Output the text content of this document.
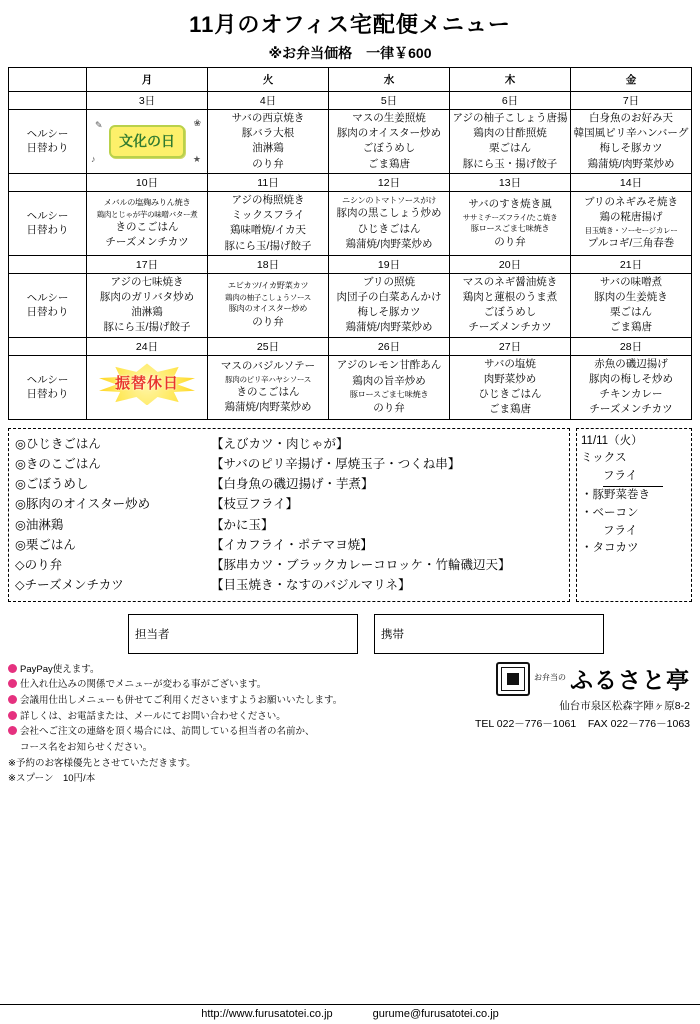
11月のオフィス宅配便メニュー
※お弁当価格　一律￥600
	月	火	水	木	金
	3日	4日	5日	6日	7日

ヘルシー
日替わり

✎	❀
♪	★
文化の日

サバの西京焼き
豚バラ大根
油淋鶏
のり弁

マスの生姜照焼
豚肉のオイスター炒め
ごぼうめし
ごま鶏唐

アジの柚子こしょう唐揚
鶏肉の甘酢照焼
栗ごはん
豚にら玉・揚げ餃子

白身魚のお好み天
韓国風ピリ辛ハンバーグ
梅しそ豚カツ
鶏蒲焼/肉野菜炒め

	10日	11日	12日	13日	14日

ヘルシー
日替わり

メバルの塩麹みりん焼き
鶏肉とじゃが芋の味噌バター煮
きのこごはん
チーズメンチカツ

アジの梅照焼き
ミックスフライ
鶏味噌焼/イカ天
豚にら玉/揚げ餃子

ニシンのトマトソースがけ
豚肉の黒こしょう炒め
ひじきごはん
鶏蒲焼/肉野菜炒め

サバのすき焼き風
ササミチーズフライ/たこ焼き
豚ロースごま七味焼き
のり弁

ブリのネギみそ焼き
鶏の糀唐揚げ
目玉焼き・ソーセージカレー
プルコギ/三角春巻

	17日	18日	19日	20日	21日

ヘルシー
日替わり

アジの七味焼き
豚肉のガリバタ炒め
油淋鶏
豚にら玉/揚げ餃子

エビカツ/イカ野菜カツ
鶏肉の柚子こしょうソース
豚肉のオイスター炒め
のり弁

ブリの照焼
肉団子の白菜あんかけ
梅しそ豚カツ
鶏蒲焼/肉野菜炒め

マスのネギ醤油焼き
鶏肉と蓮根のうま煮
ごぼうめし
チーズメンチカツ

サバの味噌煮
豚肉の生姜焼き
栗ごはん
ごま鶏唐

	24日	25日	26日	27日	28日

ヘルシー
日替わり

振替休日

マスのバジルソテー
豚肉のピリ辛ハヤシソース
きのこごはん
鶏蒲焼/肉野菜炒め

アジのレモン甘酢あん
鶏肉の旨辛炒め
豚ロースごま七味焼き
のり弁

サバの塩焼
肉野菜炒め
ひじきごはん
ごま鶏唐

赤魚の磯辺揚げ
豚肉の梅しそ炒め
チキンカレー
チーズメンチカツ
◎ひじきごはん	【えびカツ・肉じゃが】
◎きのこごはん	【サバのピリ辛揚げ・厚焼玉子・つくね串】
◎ごぼうめし	【白身魚の磯辺揚げ・芋煮】
◎豚肉のオイスター炒め	【枝豆フライ】
◎油淋鶏	【かに玉】
◎栗ごはん	【イカフライ・ポテマヨ焼】
◇のり弁	【豚串カツ・ブラックカレーコロッケ・竹輪磯辺天】
◇チーズメンチカツ	【目玉焼き・なすのバジルマリネ】
11/11（火）
ミックス
フライ
・豚野菜巻き
・ベーコン
フライ
・タコカツ
担当者	携帯
PayPay使えます。
仕入れ仕込みの関係でメニューが変わる事がございます。
会議用仕出しメニューも併せてご利用くださいますようお願いいたします。
詳しくは、お電話または、メールにてお問い合わせください。
会社へご注文の連絡を頂く場合には、訪問している担当者の名前か、
コース名をお知らせください。
※予約のお客様優先とさせていただきます。
※スプーン　10円/本
お弁当の ふるさと亭
仙台市泉区松森字陣ヶ原8-2
TEL 022－776－1061 FAX 022－776－1063
http://www.furusatotei.co.jp	gurume@furusatotei.co.jp
